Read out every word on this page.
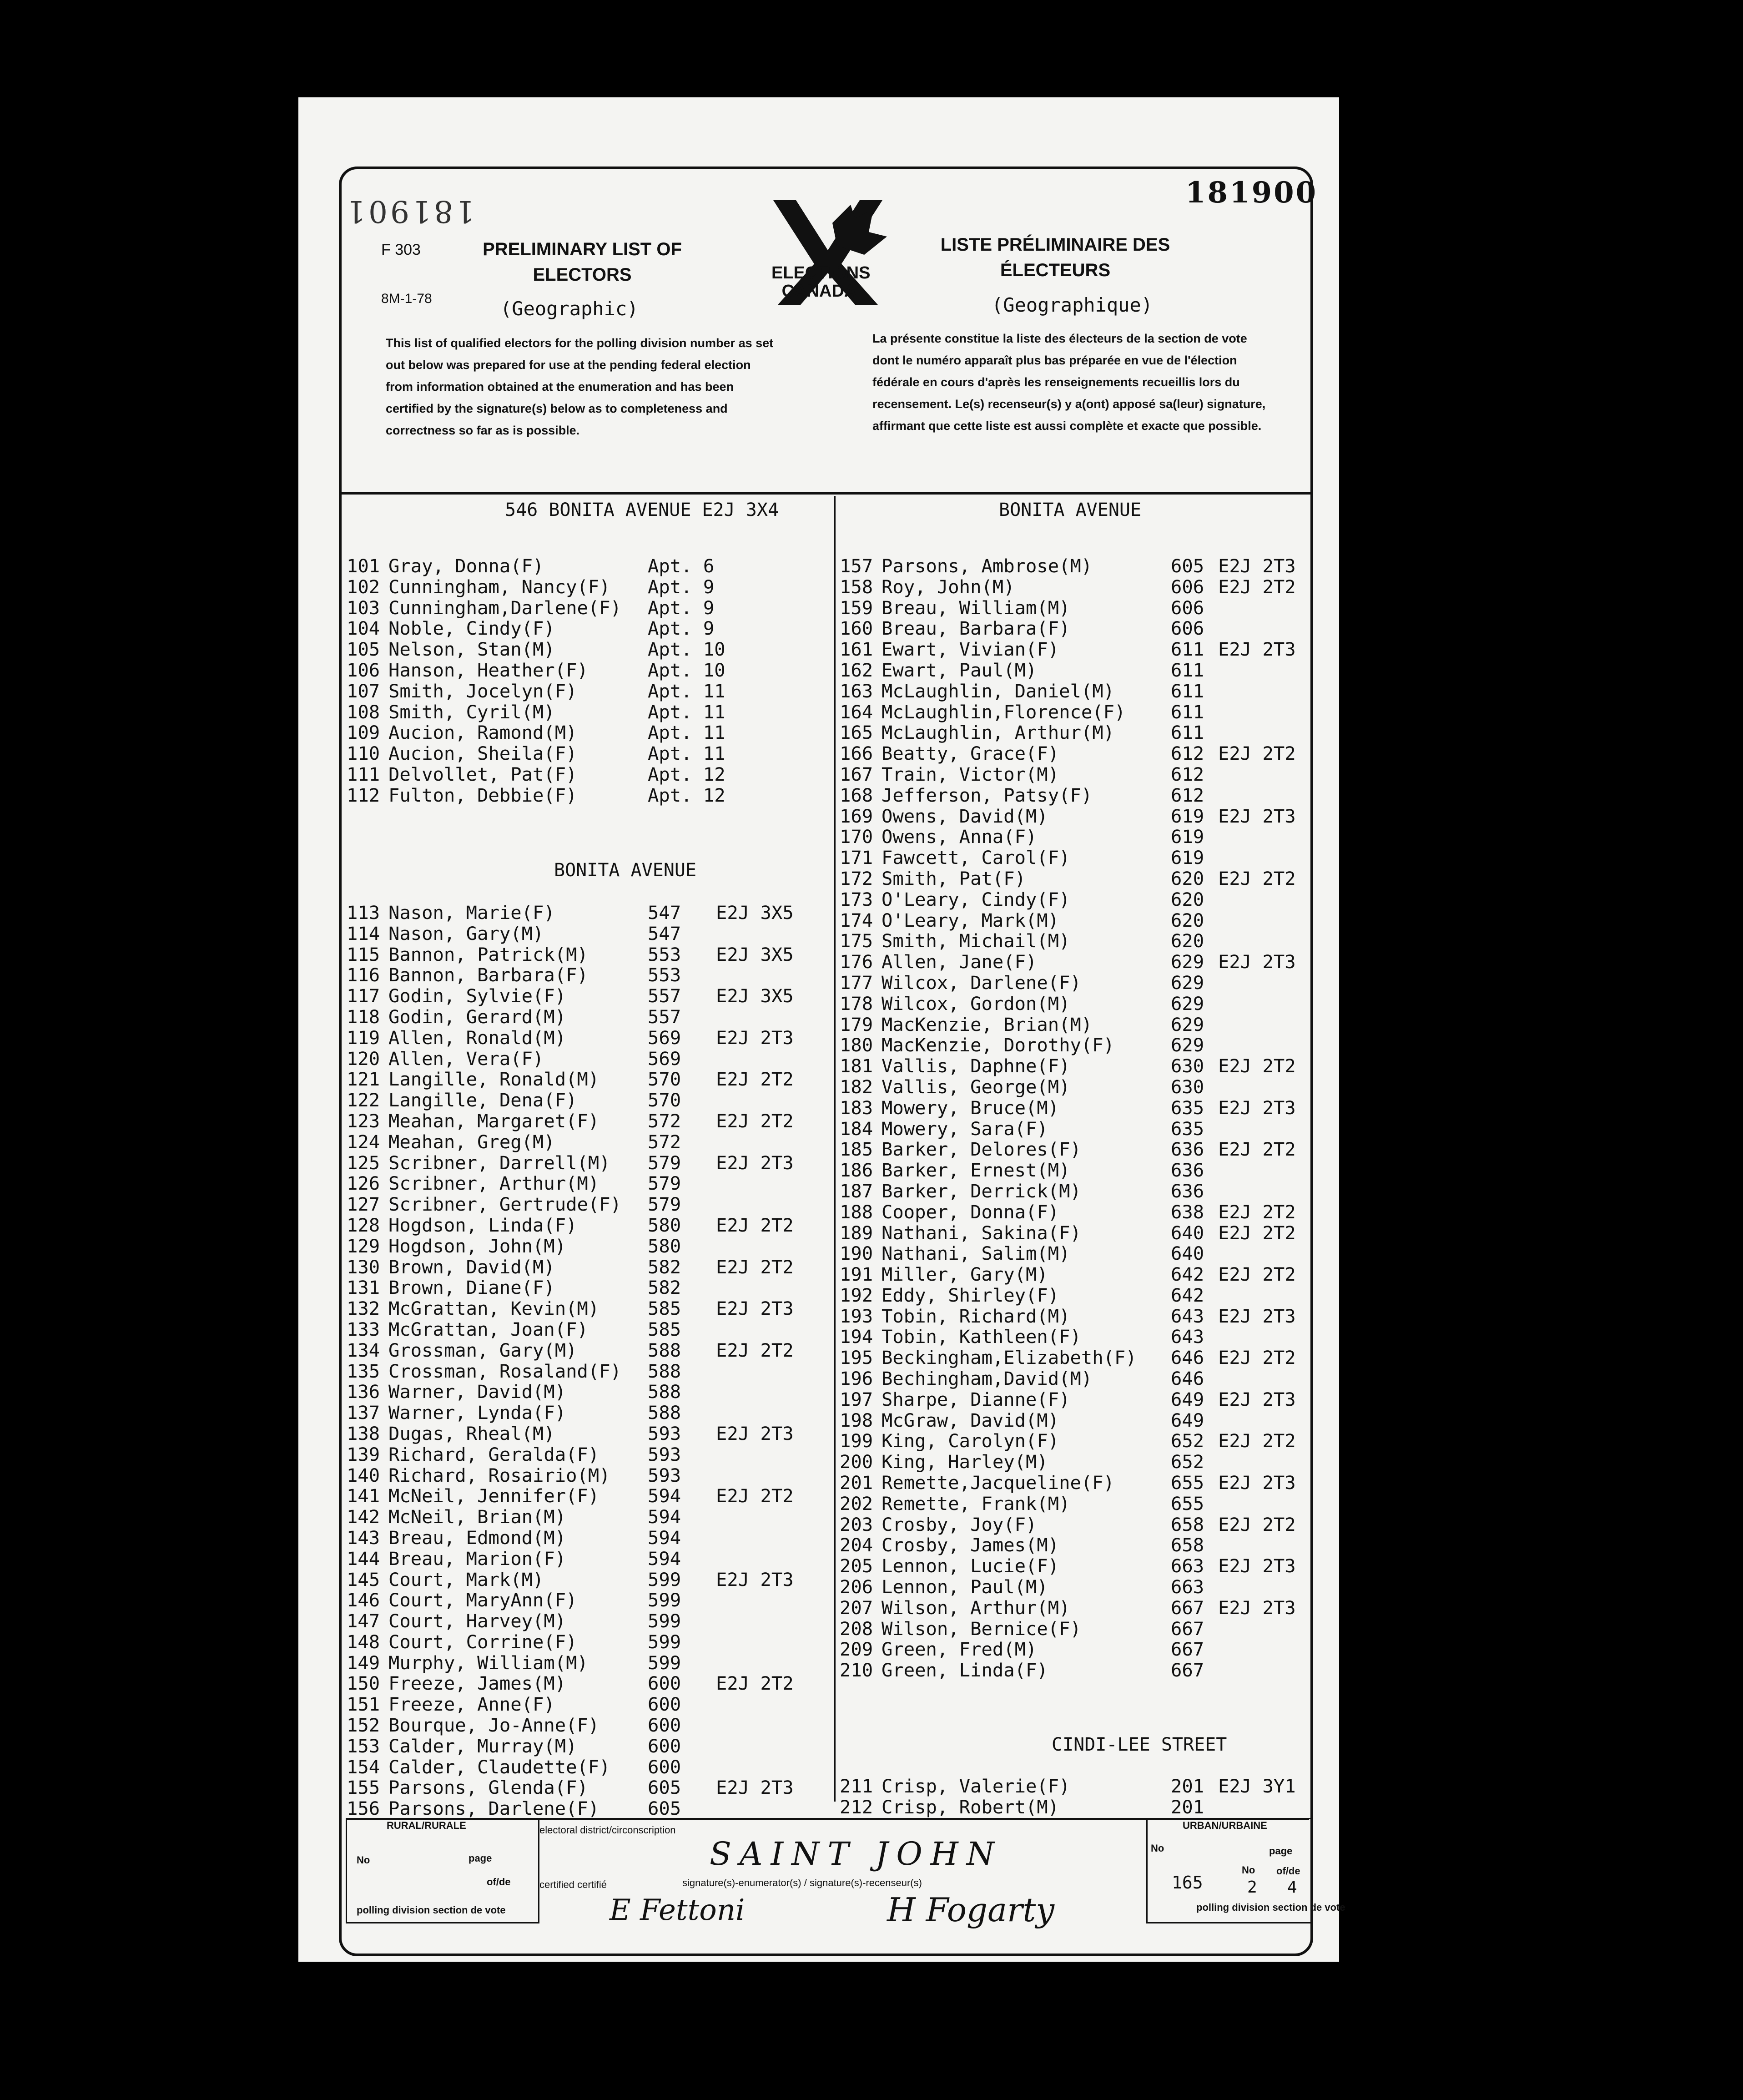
181900
181901
F 303
8M-1-78
PRELIMINARY LIST OF ELECTORS
LISTE PRÉLIMINAIRE DES ÉLECTEURS
(Geographic)	(Geographique)
ELECTIONS CANADA
This list of qualified electors for the polling division number as set out below was prepared for use at the pending federal election from information obtained at the enumeration and has been certified by the signature(s) below as to completeness and correctness so far as is possible.
La présente constitue la liste des électeurs de la section de vote dont le numéro apparaît plus bas préparée en vue de l'élection fédérale en cours d'après les renseignements recueillis lors du recensement. Le(s) recenseur(s) y a(ont) apposé sa(leur) signature, affirmant que cette liste est aussi complète et exacte que possible.
546 BONITA AVENUE E2J 3X4
101 Gray, Donna(F)	Apt. 6
102 Cunningham, Nancy(F) Apt. 9
103 Cunningham,Darlene(F) Apt. 9
104 Noble, Cindy(F)	Apt. 9
105 Nelson, Stan(M)	Apt. 10
106 Hanson, Heather(F)	Apt. 10
107 Smith, Jocelyn(F)	Apt. 11
108 Smith, Cyril(M)	Apt. 11
109 Aucion, Ramond(M)	Apt. 11
110 Aucion, Sheila(F)	Apt. 11
111 Delvollet, Pat(F)	Apt. 12
112 Fulton, Debbie(F)	Apt. 12
BONITA AVENUE
113 Nason, Marie(F)	547 E2J 3X5
114 Nason, Gary(M)	547
115 Bannon, Patrick(M)	553 E2J 3X5
116 Bannon, Barbara(F)	553
117 Godin, Sylvie(F)	557 E2J 3X5
118 Godin, Gerard(M)	557
119 Allen, Ronald(M)	569 E2J 2T3
120 Allen, Vera(F)	569
121 Langille, Ronald(M)	570 E2J 2T2
122 Langille, Dena(F)	570
123 Meahan, Margaret(F)	572 E2J 2T2
124 Meahan, Greg(M)	572
125 Scribner, Darrell(M) 579 E2J 2T3
126 Scribner, Arthur(M)	579
127 Scribner, Gertrude(F) 579
128 Hogdson, Linda(F)	580 E2J 2T2
129 Hogdson, John(M)	580
130 Brown, David(M)	582 E2J 2T2
131 Brown, Diane(F)	582
132 McGrattan, Kevin(M)	585 E2J 2T3
133 McGrattan, Joan(F)	585
134 Grossman, Gary(M)	588 E2J 2T2
135 Crossman, Rosaland(F) 588
136 Warner, David(M)	588
137 Warner, Lynda(F)	588
138 Dugas, Rheal(M)	593 E2J 2T3
139 Richard, Geralda(F)	593
140 Richard, Rosairio(M) 593
141 McNeil, Jennifer(F)	594 E2J 2T2
142 McNeil, Brian(M)	594
143 Breau, Edmond(M)	594
144 Breau, Marion(F)	594
145 Court, Mark(M)	599 E2J 2T3
146 Court, MaryAnn(F)	599
147 Court, Harvey(M)	599
148 Court, Corrine(F)	599
149 Murphy, William(M)	599
150 Freeze, James(M)	600 E2J 2T2
151 Freeze, Anne(F)	600
152 Bourque, Jo-Anne(F)	600
153 Calder, Murray(M)	600
154 Calder, Claudette(F) 600
155 Parsons, Glenda(F)	605 E2J 2T3
156 Parsons, Darlene(F)	605
BONITA AVENUE
157 Parsons, Ambrose(M)	605 E2J 2T3
158 Roy, John(M)	606 E2J 2T2
159 Breau, William(M)	606
160 Breau, Barbara(F)	606
161 Ewart, Vivian(F)	611 E2J 2T3
162 Ewart, Paul(M)	611
163 McLaughlin, Daniel(M)	611
164 McLaughlin,Florence(F) 611
165 McLaughlin, Arthur(M)	611
166 Beatty, Grace(F)	612 E2J 2T2
167 Train, Victor(M)	612
168 Jefferson, Patsy(F)	612
169 Owens, David(M)	619 E2J 2T3
170 Owens, Anna(F)	619
171 Fawcett, Carol(F)	619
172 Smith, Pat(F)	620 E2J 2T2
173 O'Leary, Cindy(F)	620
174 O'Leary, Mark(M)	620
175 Smith, Michail(M)	620
176 Allen, Jane(F)	629 E2J 2T3
177 Wilcox, Darlene(F)	629
178 Wilcox, Gordon(M)	629
179 MacKenzie, Brian(M)	629
180 MacKenzie, Dorothy(F)	629
181 Vallis, Daphne(F)	630 E2J 2T2
182 Vallis, George(M)	630
183 Mowery, Bruce(M)	635 E2J 2T3
184 Mowery, Sara(F)	635
185 Barker, Delores(F)	636 E2J 2T2
186 Barker, Ernest(M)	636
187 Barker, Derrick(M)	636
188 Cooper, Donna(F)	638 E2J 2T2
189 Nathani, Sakina(F)	640 E2J 2T2
190 Nathani, Salim(M)	640
191 Miller, Gary(M)	642 E2J 2T2
192 Eddy, Shirley(F)	642
193 Tobin, Richard(M)	643 E2J 2T3
194 Tobin, Kathleen(F)	643
195 Beckingham,Elizabeth(F) 646 E2J 2T2
196 Bechingham,David(M)	646
197 Sharpe, Dianne(F)	649 E2J 2T3
198 McGraw, David(M)	649
199 King, Carolyn(F)	652 E2J 2T2
200 King, Harley(M)	652
201 Remette,Jacqueline(F)	655 E2J 2T3
202 Remette, Frank(M)	655
203 Crosby, Joy(F)	658 E2J 2T2
204 Crosby, James(M)	658
205 Lennon, Lucie(F)	663 E2J 2T3
206 Lennon, Paul(M)	663
207 Wilson, Arthur(M)	667 E2J 2T3
208 Wilson, Bernice(F)	667
209 Green, Fred(M)	667
210 Green, Linda(F)	667
CINDI-LEE STREET
211 Crisp, Valerie(F)	201 E2J 3Y1
212 Crisp, Robert(M)	201
RURAL/RURALE	URBAN/URBAINE
electoral district/circonscription
SAINT JOHN
No	page
of/de
polling division section de vote
certified certifié	signature(s)-enumerator(s) / signature(s)-recenseur(s)
E Fettoni	H Fogarty
No	page
165
No
2
of/de
4
polling division section de vote
